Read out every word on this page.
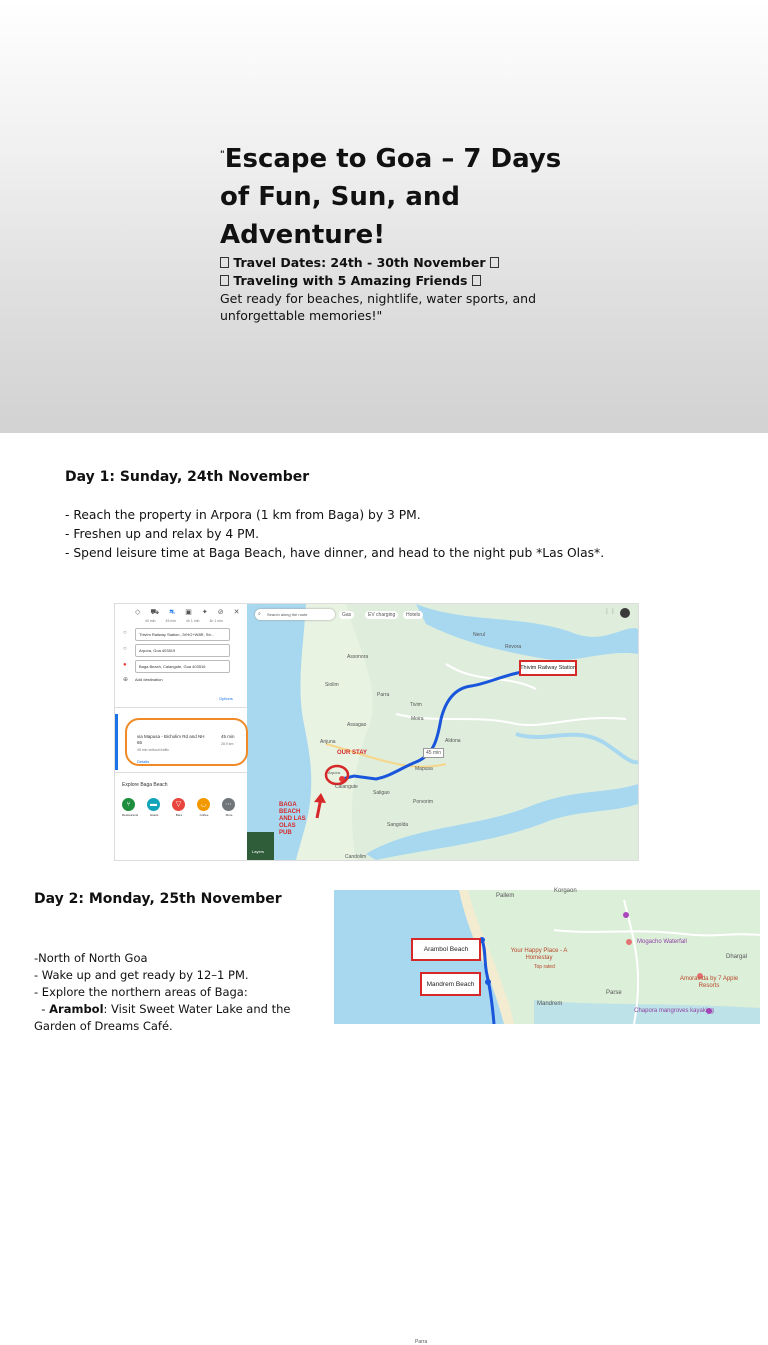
"Escape to Goa – 7 Days of Fun, Sun, and Adventure!
Travel Dates: 24th - 30th November
Traveling with 5 Amazing Friends
Get ready for beaches, nightlife, water sports, and unforgettable memories!"
Day 1: Sunday, 24th November
- Reach the property in Arpora (1 km from Baga) by 3 PM.
- Freshen up and relax by 4 PM.
- Spend leisure time at Baga Beach, have dinner, and head to the night pub *Las Olas*.
Search along the route
⌕	Gas	EV charging	Hotels	⋮⋮
Parra
Assonora
Tivim
Aldona
Mapusa
Moira
Parra
Assagao
Siolim
Anjuna
Porvorim
Calangute
Saligao
Candolim
Sangolda
Revora
Nerul
Thivim Railway Station
OUR STAY
Arpora
45 min
BAGA
BEACH
AND LAS
OLAS
PUB
Layers
◇ ⛟ ⛐ ▣ ✦ ⊘ ✕
40 min	45 min	4h 1 min	4h 1 min
Thivim Railway Station, JVHO+W8R, Str...
Arpora, Goa 403519
Baga Beach, Calangute, Goa 403516
○
○
●
⊕ Add destination
Options
via Mapusa - Bicholim Rd and NH 66
45 min
28.9 km
45 min without traffic
Details
Explore Baga Beach
⑂
Restaurants
▬
Hotels
▽
Bars
◡
Coffee
⋯
More
Day 2: Monday, 25th November
-North of North Goa
- Wake up and get ready by 12–1 PM.
- Explore the northern areas of Baga:
- Arambol: Visit Sweet Water Lake and the
Garden of Dreams Café.
Pallem
Korgaon
Parse
Mandrem
Dhargal
Arambol Beach
Mandrem Beach
Your Happy Place - A Homestay
Top rated
Mogacho Waterfall
Amoravida by 7 Apple Resorts
Chapora mangroves kayaking
